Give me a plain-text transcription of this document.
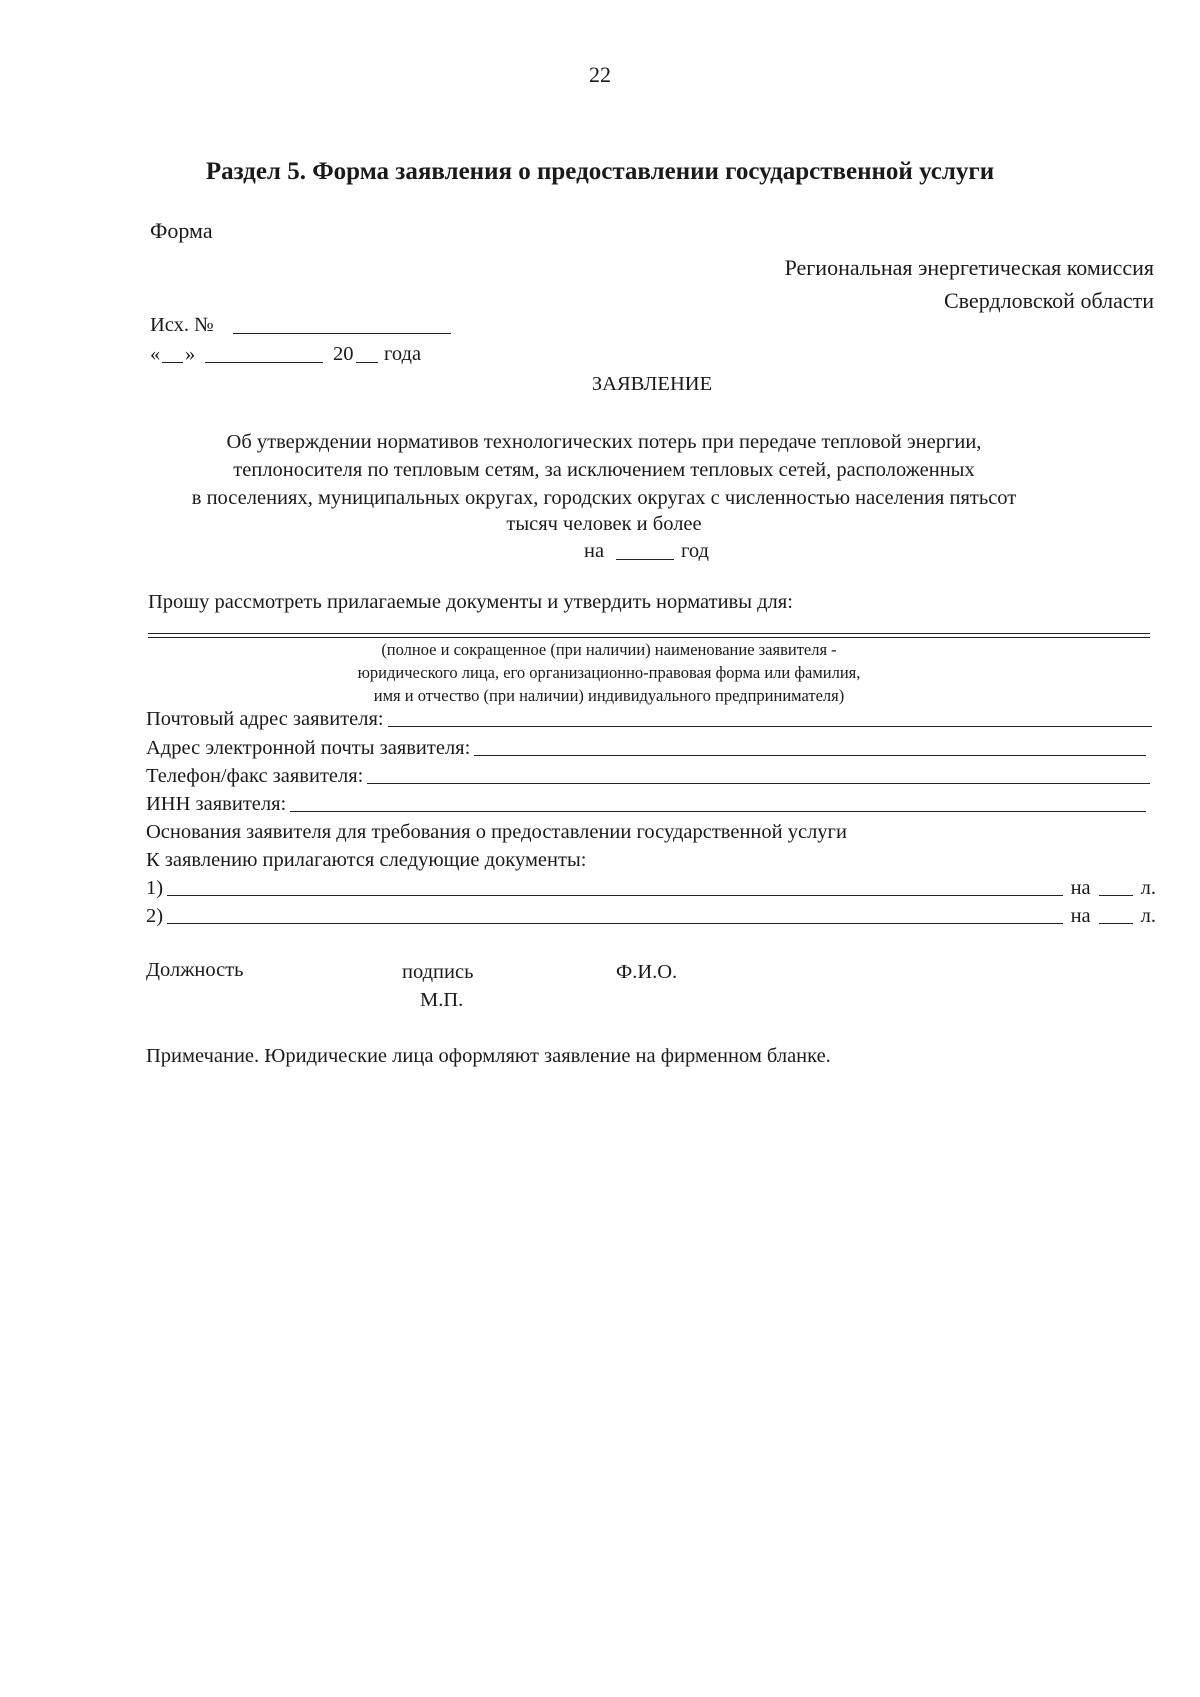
22
Раздел 5. Форма заявления о предоставлении государственной услуги
Форма
Региональная энергетическая комиссия
Свердловской области
Исх. №
« »	20 года
ЗАЯВЛЕНИЕ
Об утверждении нормативов технологических потерь при передаче тепловой энергии,
теплоносителя по тепловым сетям, за исключением тепловых сетей, расположенных
в поселениях, муниципальных округах, городских округах с численностью населения пятьсот
тысяч человек и более
на	год
Прошу рассмотреть прилагаемые документы и утвердить нормативы для:
(полное и сокращенное (при наличии) наименование заявителя -
юридического лица, его организационно-правовая форма или фамилия,
имя и отчество (при наличии) индивидуального предпринимателя)
Почтовый адрес заявителя:
Адрес электронной почты заявителя:
Телефон/факс заявителя:
ИНН заявителя:
Основания заявителя для требования о предоставлении государственной услуги
К заявлению прилагаются следующие документы:
1)	на л.
2)	на л.
Должность	подпись	Ф.И.О.
М.П.
Примечание. Юридические лица оформляют заявление на фирменном бланке.
